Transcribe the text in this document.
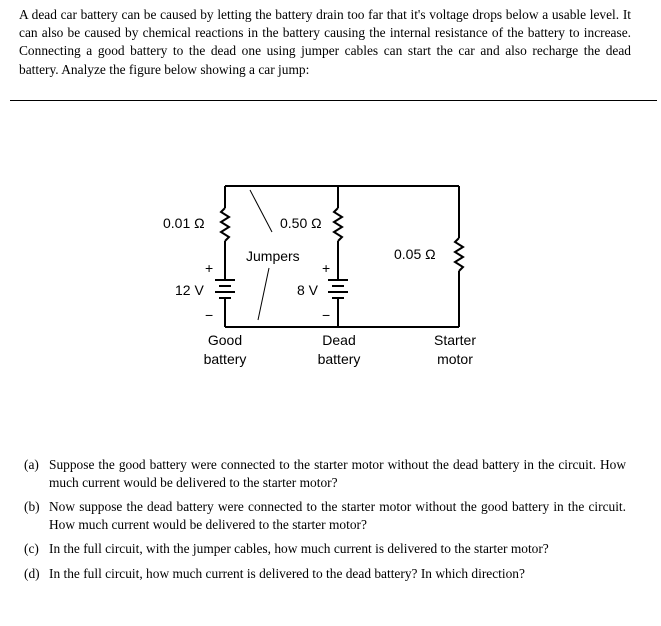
A dead car battery can be caused by letting the battery drain too far that it's voltage drops below a usable level. It can also be caused by chemical reactions in the battery causing the internal resistance of the battery to increase. Connecting a good battery to the dead one using jumper cables can start the car and also recharge the dead battery. Analyze the figure below showing a car jump:
+
−
+
−
0.01 Ω
12 V
0.50 Ω
8 V
0.05 Ω
Jumpers
Good
battery
Dead
battery
Starter
motor
(a) Suppose the good battery were connected to the starter motor without the dead battery in the circuit. How much current would be delivered to the starter motor?
(b) Now suppose the dead battery were connected to the starter motor without the good battery in the circuit. How much current would be delivered to the starter motor?
(c) In the full circuit, with the jumper cables, how much current is delivered to the starter motor?
(d) In the full circuit, how much current is delivered to the dead battery? In which direction?
